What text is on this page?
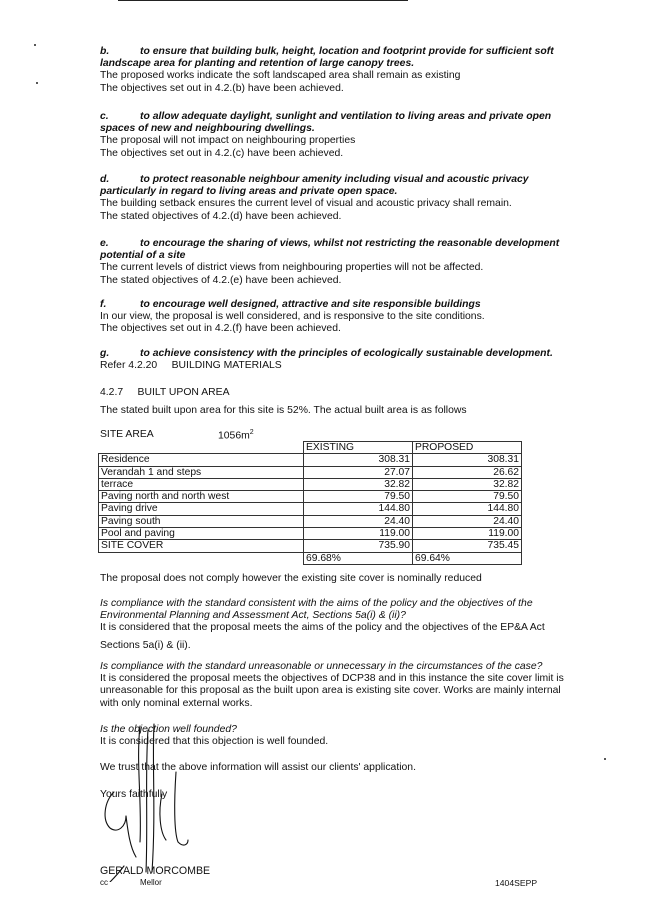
b.	to ensure that building bulk, height, location and footprint provide for sufficient soft
landscape area for planting and retention of large canopy trees.
The proposed works indicate the soft landscaped area shall remain as existing
The objectives set out in 4.2.(b) have been achieved.
c.	to allow adequate daylight, sunlight and ventilation to living areas and private open
spaces of new and neighbouring dwellings.
The proposal will not impact on neighbouring properties
The objectives set out in 4.2.(c) have been achieved.
d.	to protect reasonable neighbour amenity including visual and acoustic privacy
particularly in regard to living areas and private open space.
The building setback ensures the current level of visual and acoustic privacy shall remain.
The stated objectives of 4.2.(d) have been achieved.
e.	to encourage the sharing of views, whilst not restricting the reasonable development
potential of a site
The current levels of district views from neighbouring properties will not be affected.
The stated objectives of 4.2.(e) have been achieved.
f.	to encourage well designed, attractive and site responsible buildings
In our view, the proposal is well considered, and is responsive to the site conditions.
The objectives set out in 4.2.(f) have been achieved.
g.	to achieve consistency with the principles of ecologically sustainable development.
Refer 4.2.20     BUILDING MATERIALS
4.2.7     BUILT UPON AREA
The stated built upon area for this site is 52%. The actual built area is as follows
SITE AREA	$1056m^2$
	EXISTING	PROPOSED
Residence	308.31	308.31
Verandah 1 and steps	27.07	26.62
terrace	32.82	32.82
Paving north and north west	79.50	79.50
Paving drive	144.80	144.80
Paving south	24.40	24.40
Pool and paving	119.00	119.00
SITE COVER	735.90	735.45
	69.68%	69.64%
The proposal does not comply however the existing site cover is nominally reduced
Is compliance with the standard consistent with the aims of the policy and the objectives of the
Environmental Planning and Assessment Act, Sections 5a(i) & (ii)?
It is considered that the proposal meets the aims of the policy and the objectives of the EP&A Act
Sections 5a(i) & (ii).
Is compliance with the standard unreasonable or unnecessary in the circumstances of the case?
It is considered the proposal meets the objectives of DCP38 and in this instance the site cover limit is
unreasonable for this proposal as the built upon area is existing site cover. Works are mainly internal
with only nominal external works.
Is the objection well founded?
It is considered that this objection is well founded.
We trust that the above information will assist our clients' application.
Yours faithfully
GERALD MORCOMBE
cc	Mellor	1404SEPP
